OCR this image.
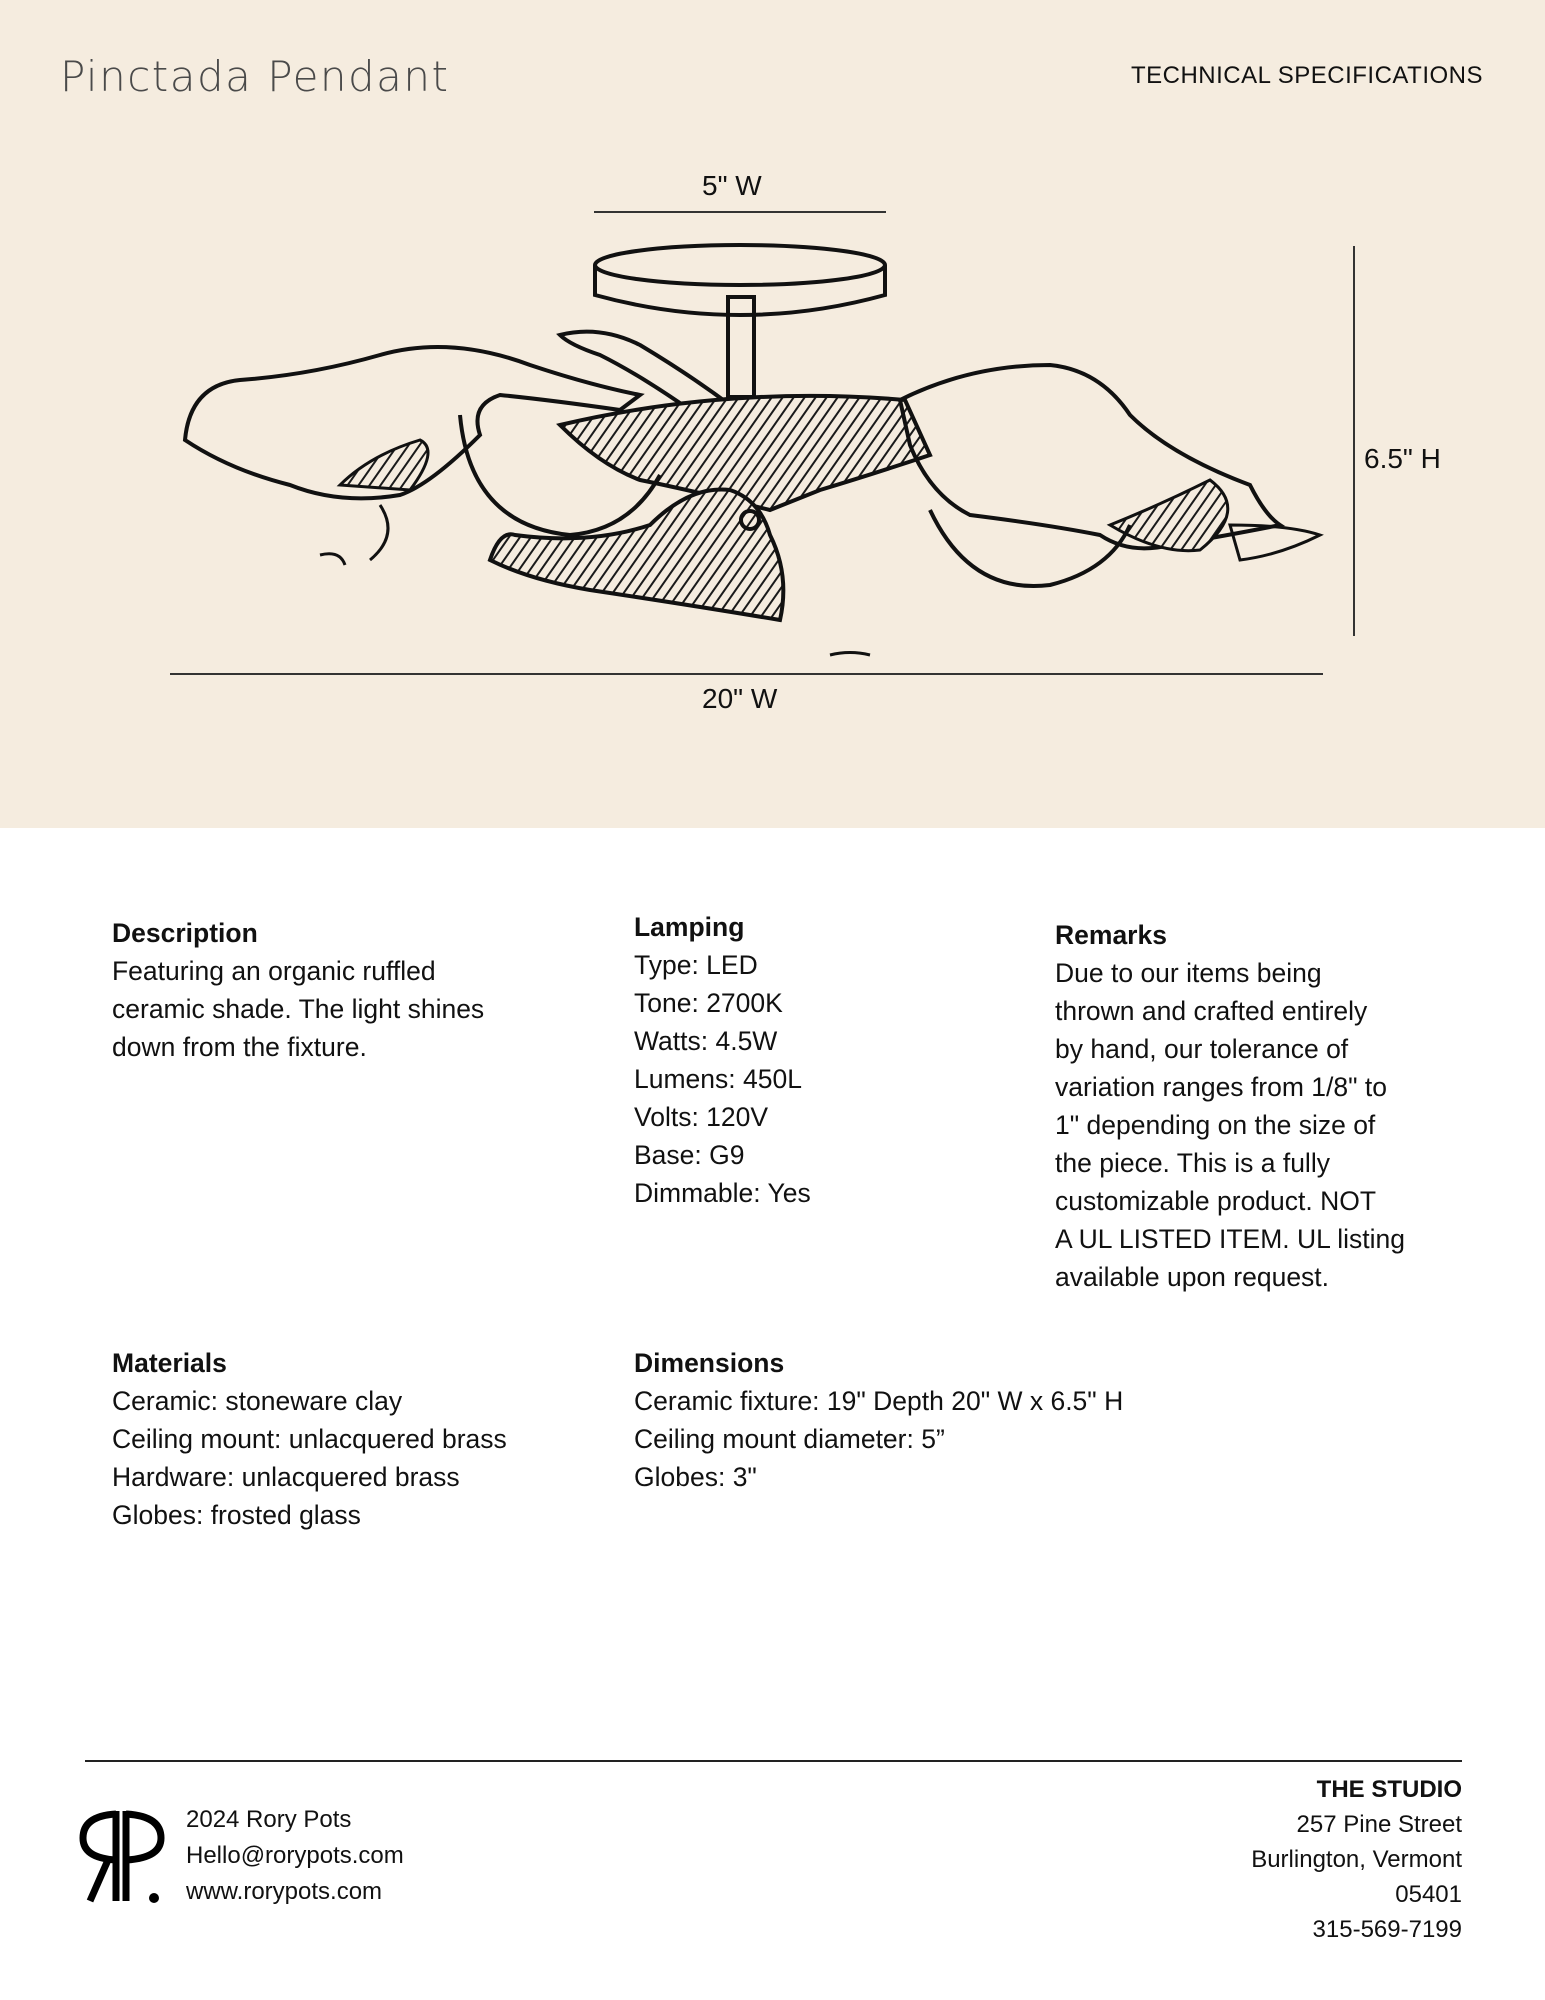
Pinctada Pendant	TECHNICAL SPECIFICATIONS
5" W
6.5" H
20" W
Description
Featuring an organic ruffled
ceramic shade. The light shines
down from the fixture.
Lamping
Type: LED
Tone: 2700K
Watts: 4.5W
Lumens: 450L
Volts: 120V
Base: G9
Dimmable: Yes
Remarks
Due to our items being
thrown and crafted entirely
by hand, our tolerance of
variation ranges from 1/8" to
1" depending on the size of
the piece. This is a fully
customizable product. NOT
A UL LISTED ITEM. UL listing
available upon request.
Materials
Ceramic: stoneware clay
Ceiling mount: unlacquered brass
Hardware: unlacquered brass
Globes: frosted glass
Dimensions
Ceramic fixture: 19" Depth 20" W x 6.5" H
Ceiling mount diameter: 5”
Globes: 3"
2024 Rory Pots
Hello@rorypots.com
www.rorypots.com
THE STUDIO
257 Pine Street
Burlington, Vermont
05401
315-569-7199
